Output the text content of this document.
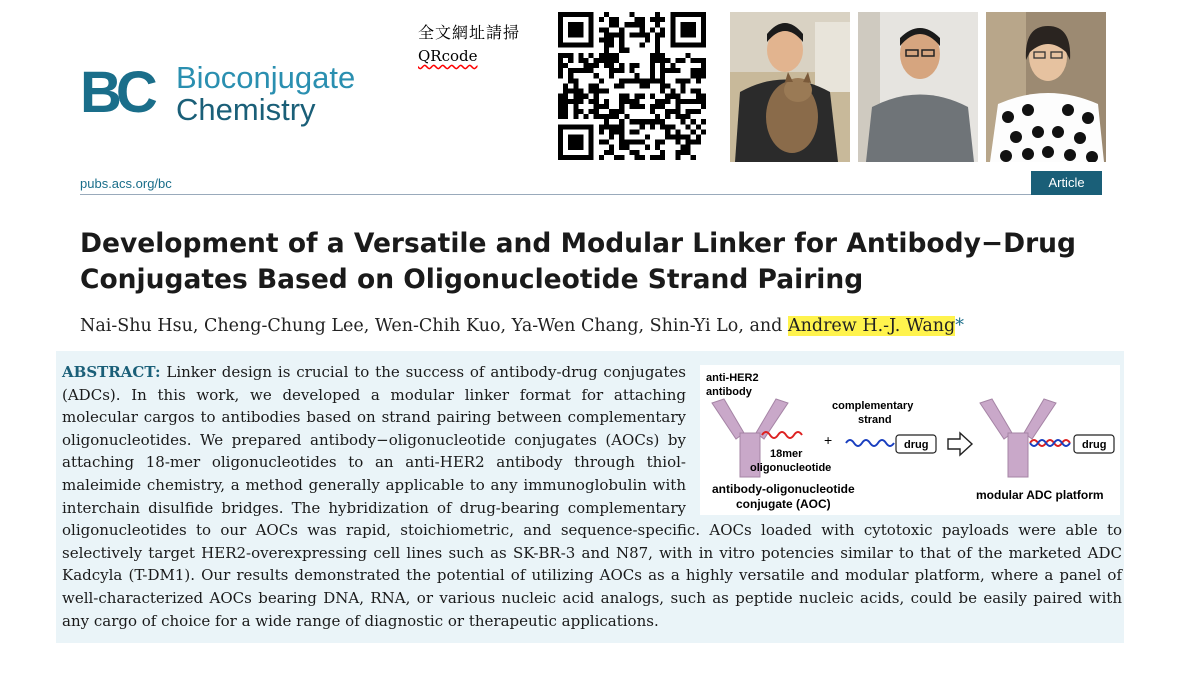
BC Bioconjugate
Chemistry
全文網址請掃
QRcode
pubs.acs.org/bc	Article
Development of a Versatile and Modular Linker for Antibody−Drug Conjugates Based on Oligonucleotide Strand Pairing
Nai-Shu Hsu, Cheng-Chung Lee, Wen-Chih Kuo, Ya-Wen Chang, Shin-Yi Lo, and Andrew H.-J. Wang*
anti-HER2
antibody
18mer
oligonucleotide
+
complementary
strand
drug	drug
antibody-oligonucleotide
conjugate (AOC)
modular ADC platform
ABSTRACT: Linker design is crucial to the success of antibody-drug conjugates (ADCs). In this work, we developed a modular linker format for attaching molecular cargos to antibodies based on strand pairing between complementary oligonucleotides. We prepared antibody−oligonucleotide conjugates (AOCs) by attaching 18-mer oligonucleotides to an anti-HER2 antibody through thiol-maleimide chemistry, a method generally applicable to any immunoglobulin with interchain disulfide bridges. The hybridization of drug-bearing complementary oligonucleotides to our AOCs was rapid, stoichiometric, and sequence-specific. AOCs loaded with cytotoxic payloads were able to selectively target HER2-overexpressing cell lines such as SK-BR-3 and N87, with in vitro potencies similar to that of the marketed ADC Kadcyla (T-DM1). Our results demonstrated the potential of utilizing AOCs as a highly versatile and modular platform, where a panel of well-characterized AOCs bearing DNA, RNA, or various nucleic acid analogs, such as peptide nucleic acids, could be easily paired with any cargo of choice for a wide range of diagnostic or therapeutic applications.
